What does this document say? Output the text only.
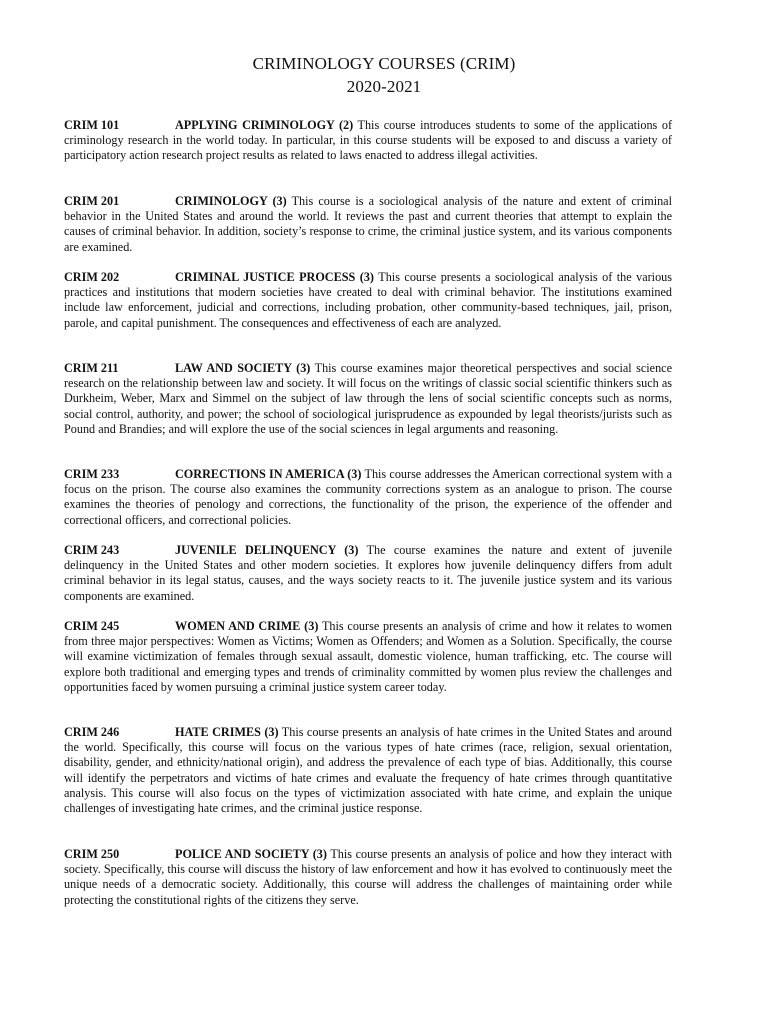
CRIMINOLOGY COURSES (CRIM)
2020-2021
CRIM 101	APPLYING CRIMINOLOGY (2) This course introduces students to some of the applications of criminology research in the world today. In particular, in this course students will be exposed to and discuss a variety of participatory action research project results as related to laws enacted to address illegal activities.
CRIM 201	CRIMINOLOGY (3) This course is a sociological analysis of the nature and extent of criminal behavior in the United States and around the world. It reviews the past and current theories that attempt to explain the causes of criminal behavior. In addition, society’s response to crime, the criminal justice system, and its various components are examined.
CRIM 202	CRIMINAL JUSTICE PROCESS (3) This course presents a sociological analysis of the various practices and institutions that modern societies have created to deal with criminal behavior. The institutions examined include law enforcement, judicial and corrections, including probation, other community-based techniques, jail, prison, parole, and capital punishment. The consequences and effectiveness of each are analyzed.
CRIM 211	LAW AND SOCIETY (3) This course examines major theoretical perspectives and social science research on the relationship between law and society. It will focus on the writings of classic social scientific thinkers such as Durkheim, Weber, Marx and Simmel on the subject of law through the lens of social scientific concepts such as norms, social control, authority, and power; the school of sociological jurisprudence as expounded by legal theorists/jurists such as Pound and Brandies; and will explore the use of the social sciences in legal arguments and reasoning.
CRIM 233	CORRECTIONS IN AMERICA (3) This course addresses the American correctional system with a focus on the prison. The course also examines the community corrections system as an analogue to prison. The course examines the theories of penology and corrections, the functionality of the prison, the experience of the offender and correctional officers, and correctional policies.
CRIM 243	JUVENILE DELINQUENCY (3) The course examines the nature and extent of juvenile delinquency in the United States and other modern societies. It explores how juvenile delinquency differs from adult criminal behavior in its legal status, causes, and the ways society reacts to it. The juvenile justice system and its various components are examined.
CRIM 245	WOMEN AND CRIME (3) This course presents an analysis of crime and how it relates to women from three major perspectives: Women as Victims; Women as Offenders; and Women as a Solution. Specifically, the course will examine victimization of females through sexual assault, domestic violence, human trafficking, etc. The course will explore both traditional and emerging types and trends of criminality committed by women plus review the challenges and opportunities faced by women pursuing a criminal justice system career today.
CRIM 246	HATE CRIMES (3) This course presents an analysis of hate crimes in the United States and around the world. Specifically, this course will focus on the various types of hate crimes (race, religion, sexual orientation, disability, gender, and ethnicity/national origin), and address the prevalence of each type of bias. Additionally, this course will identify the perpetrators and victims of hate crimes and evaluate the frequency of hate crimes through quantitative analysis. This course will also focus on the types of victimization associated with hate crime, and explain the unique challenges of investigating hate crimes, and the criminal justice response.
CRIM 250	POLICE AND SOCIETY (3) This course presents an analysis of police and how they interact with society. Specifically, this course will discuss the history of law enforcement and how it has evolved to continuously meet the unique needs of a democratic society. Additionally, this course will address the challenges of maintaining order while protecting the constitutional rights of the citizens they serve.
